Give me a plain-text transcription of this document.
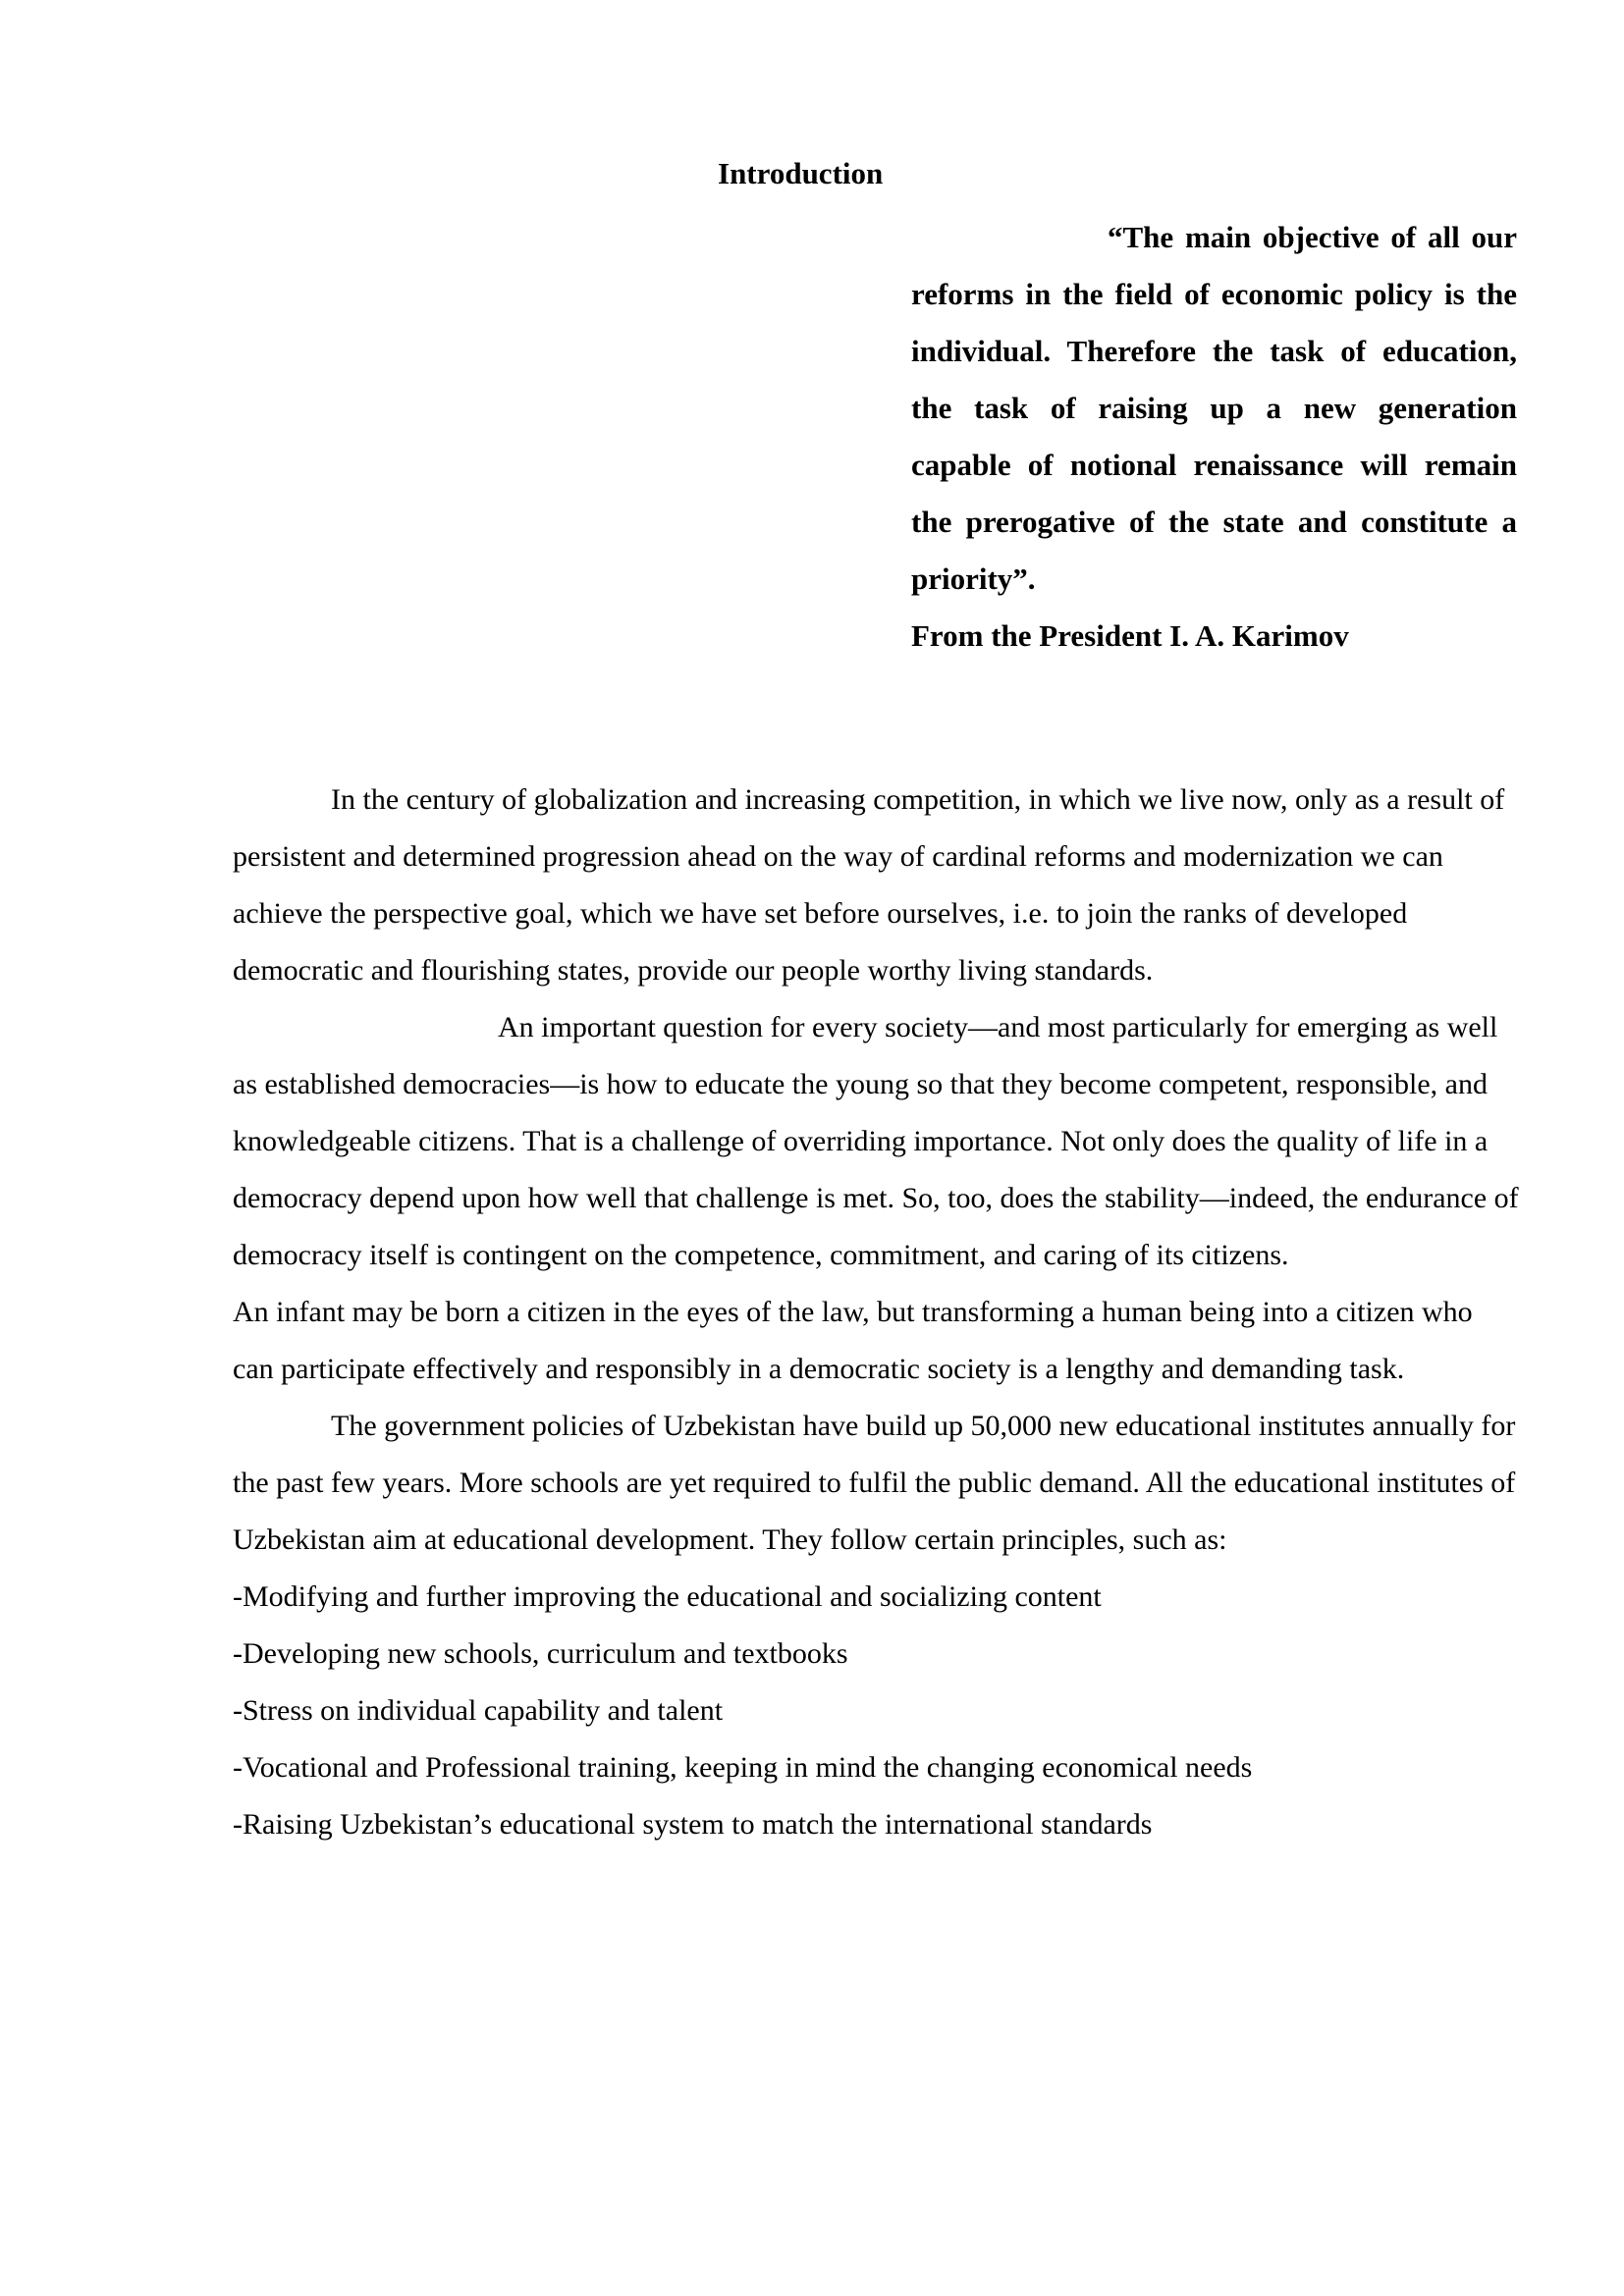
Introduction

“The main objective of all our reforms in the field of economic policy is the individual. Therefore the task of education, the task of raising up a new generation capable of notional renaissance will remain the prerogative of the state and constitute a priority”.

From the President I. A. Karimov

In the century of globalization and increasing competition, in which we live now, only as a result of persistent and determined progression ahead on the way of cardinal reforms and modernization we can achieve the perspective goal, which we have set before ourselves, i.e. to join the ranks of developed democratic and flourishing states, provide our people worthy living standards.

An important question for every society—and most particularly for emerging as well as established democracies—is how to educate the young so that they become competent, responsible, and knowledgeable citizens. That is a challenge of overriding importance. Not only does the quality of life in a democracy depend upon how well that challenge is met. So, too, does the stability—indeed, the endurance of democracy itself is contingent on the competence, commitment, and caring of its citizens.

An infant may be born a citizen in the eyes of the law, but transforming a human being into a citizen who can participate effectively and responsibly in a democratic society is a lengthy and demanding task.

The government policies of Uzbekistan have build up 50,000 new educational institutes annually for the past few years. More schools are yet required to fulfil the public demand. All the educational institutes of Uzbekistan aim at educational development. They follow certain principles, such as:

-Modifying and further improving the educational and socializing content

-Developing new schools, curriculum and textbooks

-Stress on individual capability and talent

-Vocational and Professional training, keeping in mind the changing economical needs

-Raising Uzbekistan’s educational system to match the international standards
